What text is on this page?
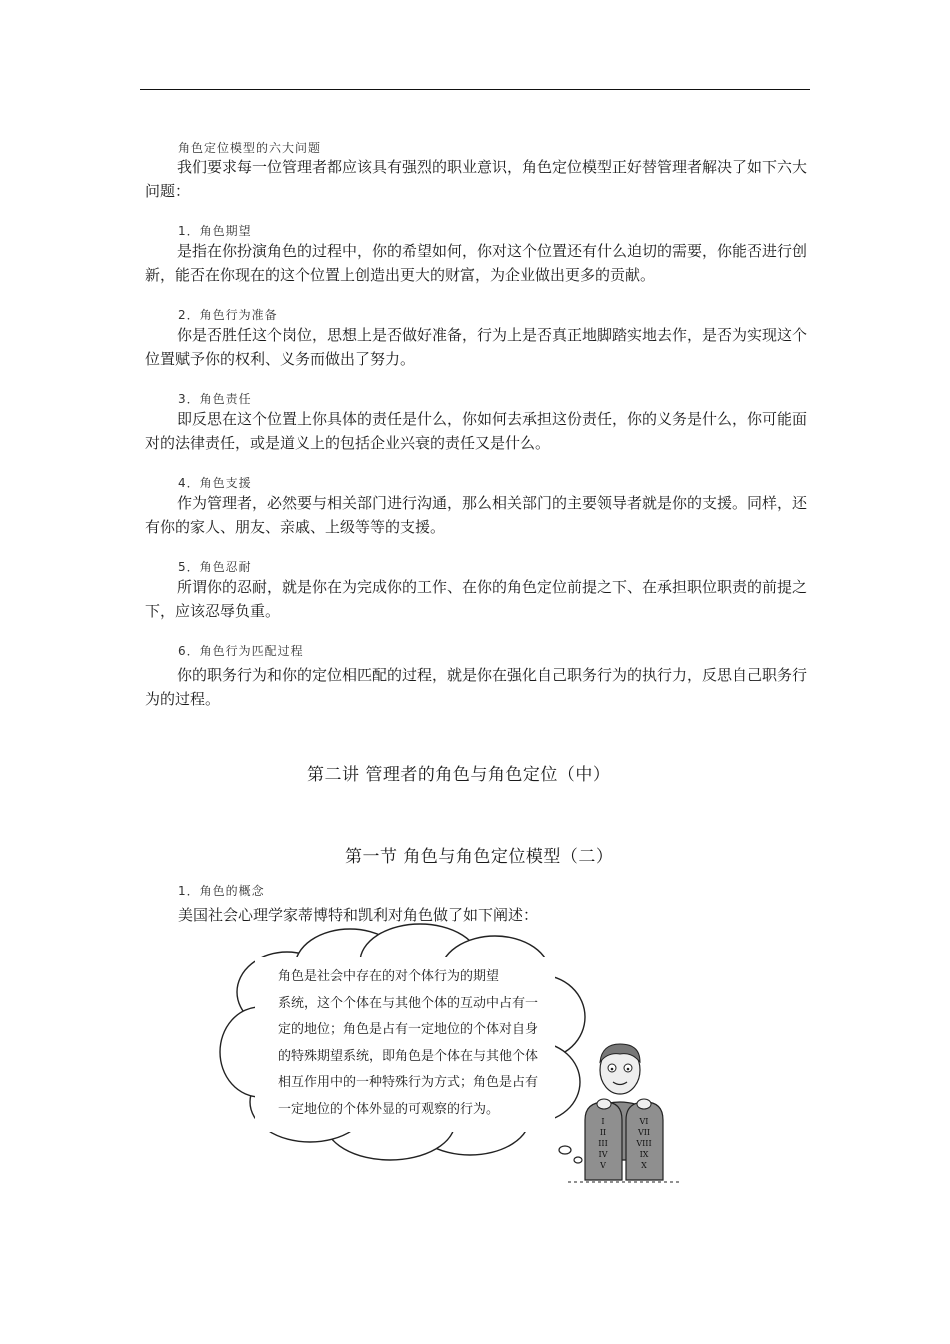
角色定位模型的六大问题

我们要求每一位管理者都应该具有强烈的职业意识，角色定位模型正好替管理者解决了如下六大问题：

1．角色期望

是指在你扮演角色的过程中，你的希望如何，你对这个位置还有什么迫切的需要，你能否进行创新，能否在你现在的这个位置上创造出更大的财富，为企业做出更多的贡献。

2．角色行为准备

你是否胜任这个岗位，思想上是否做好准备，行为上是否真正地脚踏实地去作，是否为实现这个位置赋予你的权利、义务而做出了努力。

3．角色责任

即反思在这个位置上你具体的责任是什么，你如何去承担这份责任，你的义务是什么，你可能面对的法律责任，或是道义上的包括企业兴衰的责任又是什么。

4．角色支援

作为管理者，必然要与相关部门进行沟通，那么相关部门的主要领导者就是你的支援。同样，还有你的家人、朋友、亲戚、上级等等的支援。

5．角色忍耐

所谓你的忍耐，就是你在为完成你的工作、在你的角色定位前提之下、在承担职位职责的前提之下，应该忍辱负重。

6．角色行为匹配过程

你的职务行为和你的定位相匹配的过程，就是你在强化自己职务行为的执行力，反思自己职务行为的过程。

第二讲 管理者的角色与角色定位（中）
第一节 角色与角色定位模型（二）
1．角色的概念

美国社会心理学家蒂博特和凯利对角色做了如下阐述：

角色是社会中存在的对个体行为的期望
系统，这个个体在与其他个体的互动中占有一
定的地位；角色是占有一定地位的个体对自身
的特殊期望系统，即角色是个体在与其他个体
相互作用中的一种特殊行为方式；角色是占有
一定地位的个体外显的可观察的行为。

I
II
III
IV
V
VI
VII
VIII
IX
X
